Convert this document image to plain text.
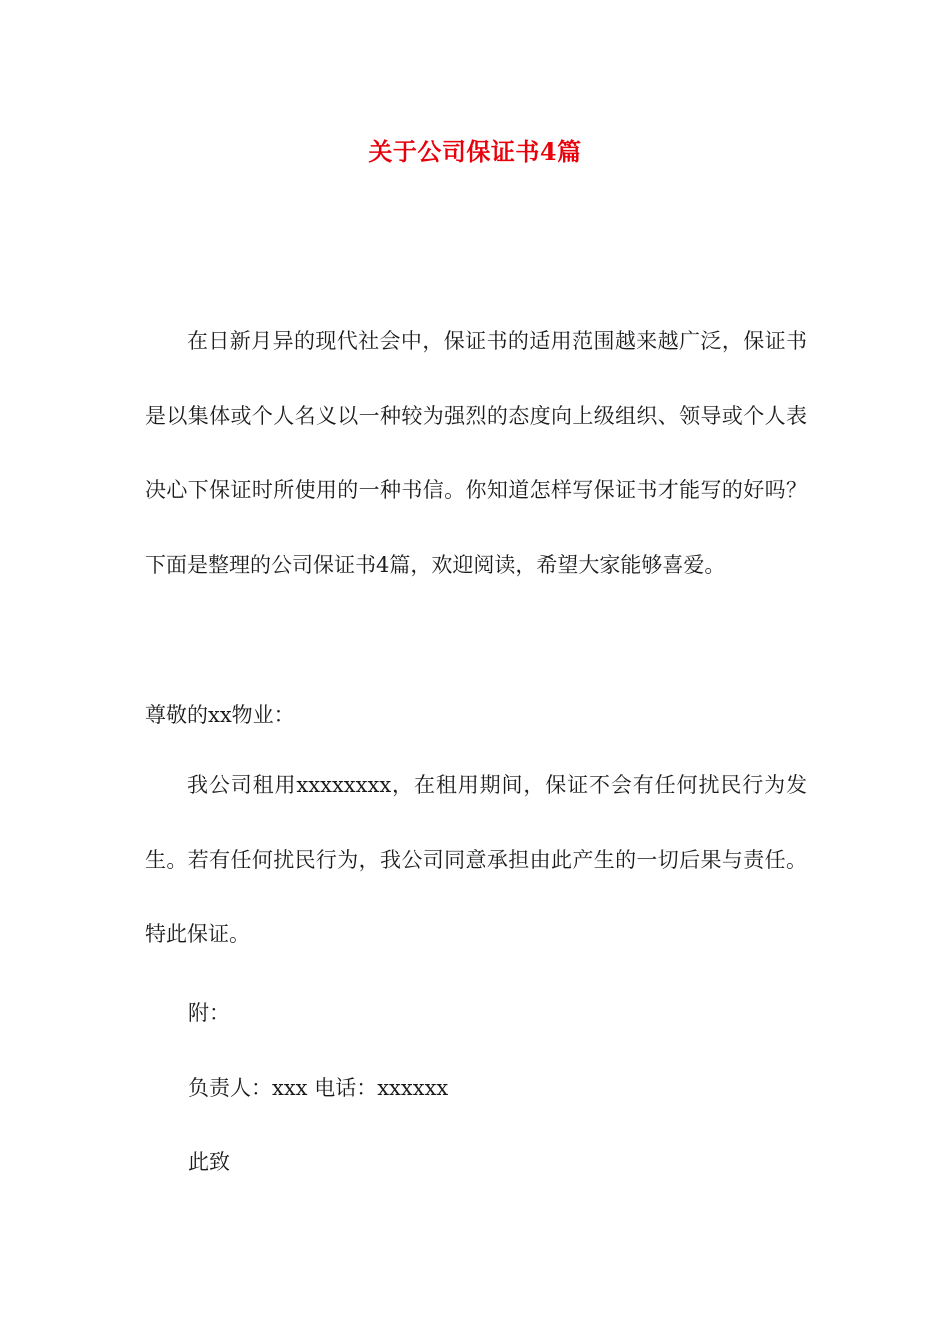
关于公司保证书4篇
在日新月异的现代社会中，保证书的适用范围越来越广泛，保证书是以集体或个人名义以一种较为强烈的态度向上级组织、领导或个人表决心下保证时所使用的一种书信。你知道怎样写保证书才能写的好吗？下面是整理的公司保证书4篇，欢迎阅读，希望大家能够喜爱。
尊敬的xx物业：
我公司租用xxxxxxxx，在租用期间，保证不会有任何扰民行为发生。若有任何扰民行为，我公司同意承担由此产生的一切后果与责任。特此保证。
附：
负责人：xxx 电话：xxxxxx
此致
